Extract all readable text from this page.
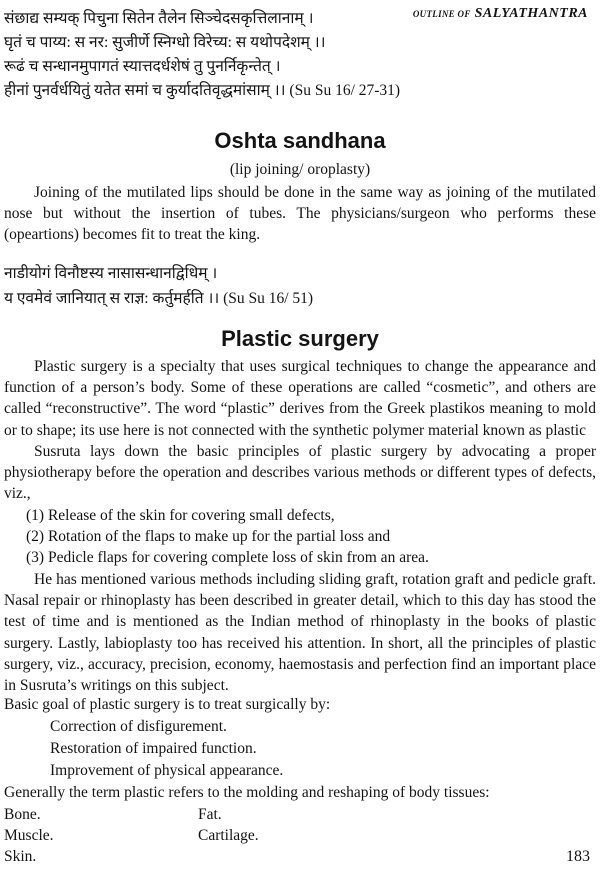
OUTLINE OF SALYATHANTRA
संछाद्य सम्यक् पिचुना सितेन तैलेन सिञ्चेदसकृत्तिलानाम् ।
घृतं च पाय्य: स नर: सुजीर्णे स्निग्धो विरेच्य: स यथोपदेशम् ।।
रूढं च सन्धानमुपागतं स्यात्तदर्धशेषं तु पुनर्निकृन्तेत् ।
हीनां पुनर्वर्धयितुं यतेत समां च कुर्यादतिवृद्धमांसाम् ।। (Su Su 16/ 27-31)
Oshta sandhana
(lip joining/ oroplasty)

Joining of the mutilated lips should be done in the same way as joining of the mutilated nose but without the insertion of tubes. The physicians/surgeon who performs these (opeartions) becomes fit to treat the king.

नाडीयोगं विनौष्टस्य नासासन्धानद्विधिम् ।
य एवमेवं जानियात् स राज्ञ: कर्तुमर्हति ।। (Su Su 16/ 51)
Plastic surgery

Plastic surgery is a specialty that uses surgical techniques to change the appearance and function of a person’s body. Some of these operations are called “cosmetic”, and others are called “reconstructive”. The word “plastic” derives from the Greek plastikos meaning to mold or to shape; its use here is not connected with the synthetic polymer material known as plastic

Susruta lays down the basic principles of plastic surgery by advocating a proper physiotherapy before the operation and describes various methods or different types of defects, viz.,

(1) Release of the skin for covering small defects,
(2) Rotation of the flaps to make up for the partial loss and
(3) Pedicle flaps for covering complete loss of skin from an area.

He has mentioned various methods including sliding graft, rotation graft and pedicle graft. Nasal repair or rhinoplasty has been described in greater detail, which to this day has stood the test of time and is mentioned as the Indian method of rhinoplasty in the books of plastic surgery. Lastly, labioplasty too has received his attention. In short, all the principles of plastic surgery, viz., accuracy, precision, economy, haemostasis and perfection find an important place in Susruta’s writings on this subject.

Basic goal of plastic surgery is to treat surgically by:
Correction of disfigurement.
Restoration of impaired function.
Improvement of physical appearance.
Generally the term plastic refers to the molding and reshaping of body tissues:
Bone.	Fat.
Muscle.	Cartilage.
Skin.	183
